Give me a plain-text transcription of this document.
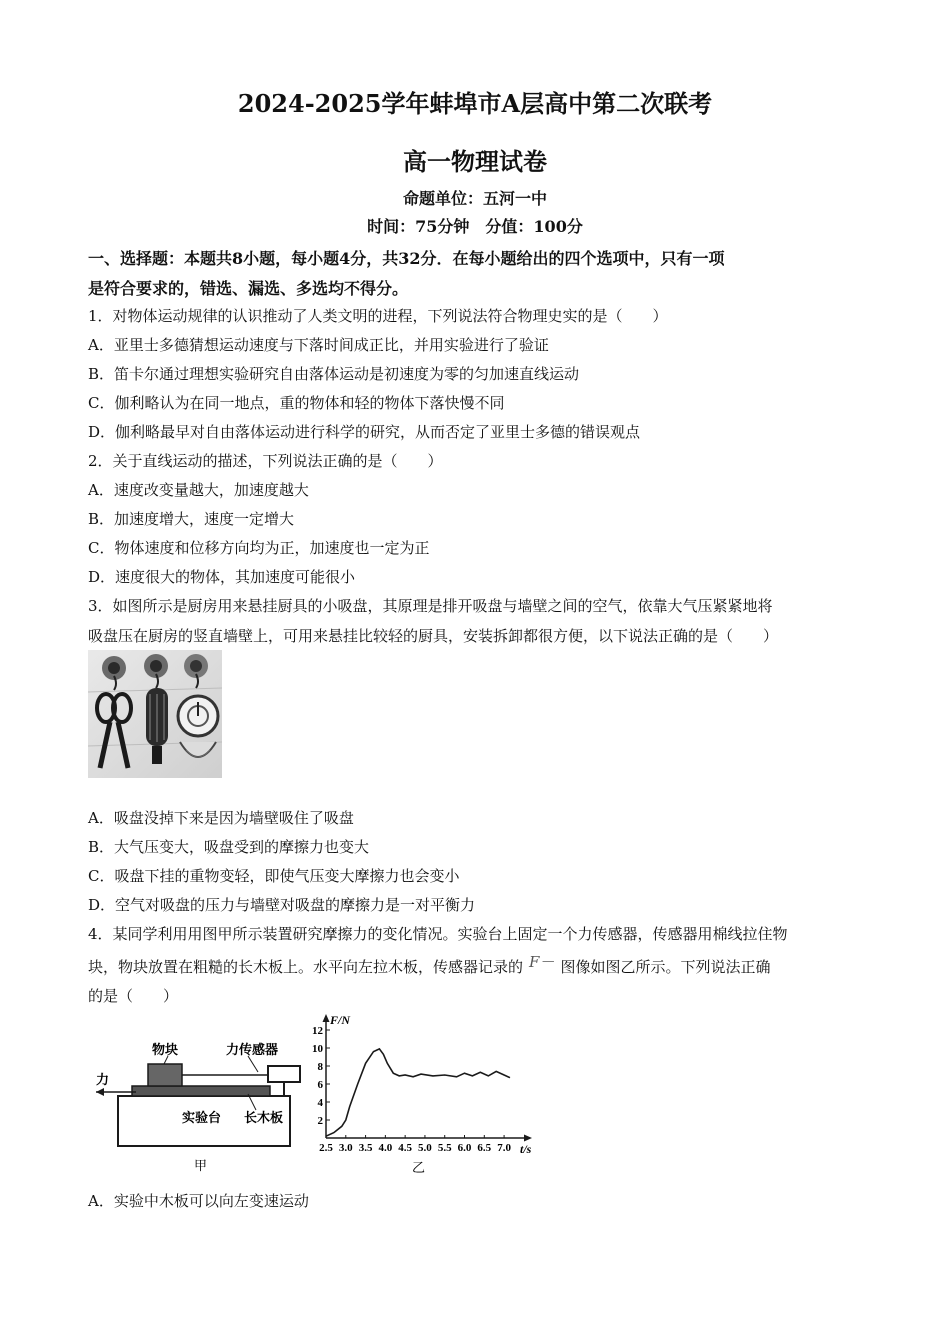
2024-2025学年蚌埠市A层高中第二次联考
高一物理试卷
命题单位：五河一中
时间：75分钟　分值：100分
一、选择题：本题共8小题，每小题4分，共32分．在每小题给出的四个选项中，只有一项
是符合要求的，错选、漏选、多选均不得分。
1．对物体运动规律的认识推动了人类文明的进程，下列说法符合物理史实的是（　　）
A．亚里士多德猜想运动速度与下落时间成正比，并用实验进行了验证
B．笛卡尔通过理想实验研究自由落体运动是初速度为零的匀加速直线运动
C．伽利略认为在同一地点，重的物体和轻的物体下落快慢不同
D．伽利略最早对自由落体运动进行科学的研究，从而否定了亚里士多德的错误观点
2．关于直线运动的描述，下列说法正确的是（　　）
A．速度改变量越大，加速度越大
B．加速度增大，速度一定增大
C．物体速度和位移方向均为正，加速度也一定为正
D．速度很大的物体，其加速度可能很小
3．如图所示是厨房用来悬挂厨具的小吸盘，其原理是排开吸盘与墙壁之间的空气，依靠大气压紧紧地将
吸盘压在厨房的竖直墙壁上，可用来悬挂比较轻的厨具，安装拆卸都很方便，以下说法正确的是（　　）
A．吸盘没掉下来是因为墙壁吸住了吸盘
B．大气压变大，吸盘受到的摩擦力也变大
C．吸盘下挂的重物变轻，即使气压变大摩擦力也会变小
D．空气对吸盘的压力与墙壁对吸盘的摩擦力是一对平衡力
4．某同学利用用图甲所示装置研究摩擦力的变化情况。实验台上固定一个力传感器，传感器用棉线拉住物
块，物块放置在粗糙的长木板上。水平向左拉木板，传感器记录的 F－ 图像如图乙所示。下列说法正确
的是（　　）
物块	力传感器
力
实验台 长木板
甲
2
4
6
8
10
12
2.5 3.0 3.5 4.0 4.5 5.0 5.5 6.0 6.5 7.0
F/N
t/s
乙
A．实验中木板可以向左变速运动
